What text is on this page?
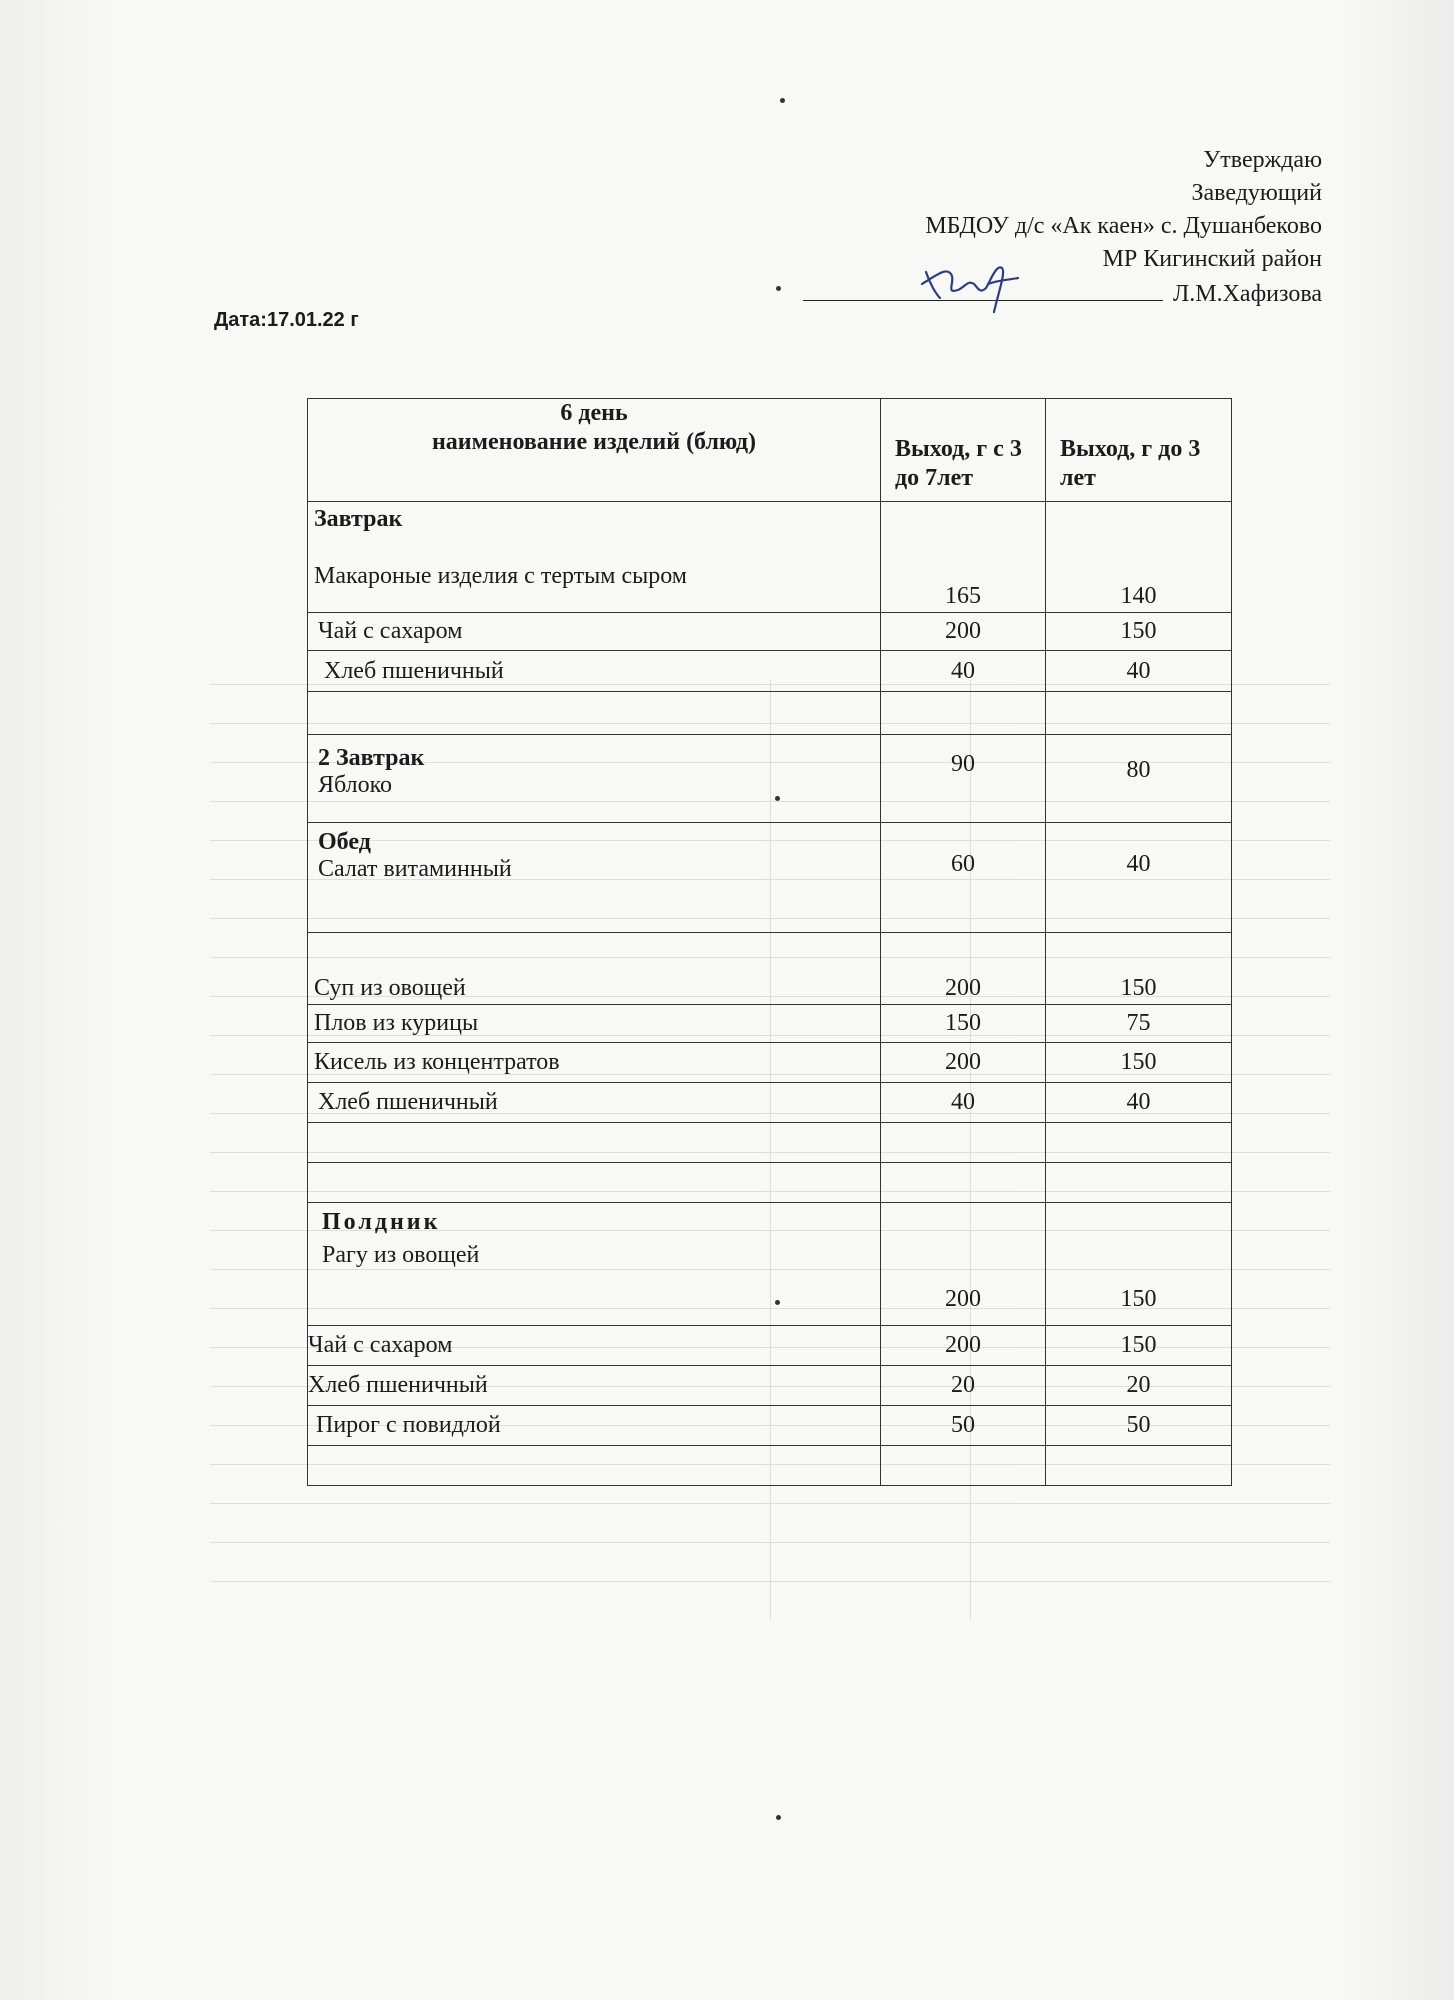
Утверждаю
Заведующий
МБДОУ д/с «Ак каен» с. Душанбеково
МР Кигинский район
Л.М.Хафизова
Дата:17.01.22 г
6 день
наименование изделий (блюд)	Выход, г с 3 до 7лет	Выход, г до 3 лет

Завтрак
Макароные изделия с тертым сыром	165	140
Чай с сахаром	200	150
Хлеб пшеничный	40	40

2 Завтрак
Яблоко	90	80

Обед
Салат витаминный	60	40
Суп из овощей	200	150
Плов из курицы	150	75
Кисель из концентратов	200	150
Хлеб пшеничный	40	40

Полдник
Рагу из овощей	200	150
Чай с сахаром	200	150
Хлеб пшеничный	20	20
Пирог с повидлой	50	50
